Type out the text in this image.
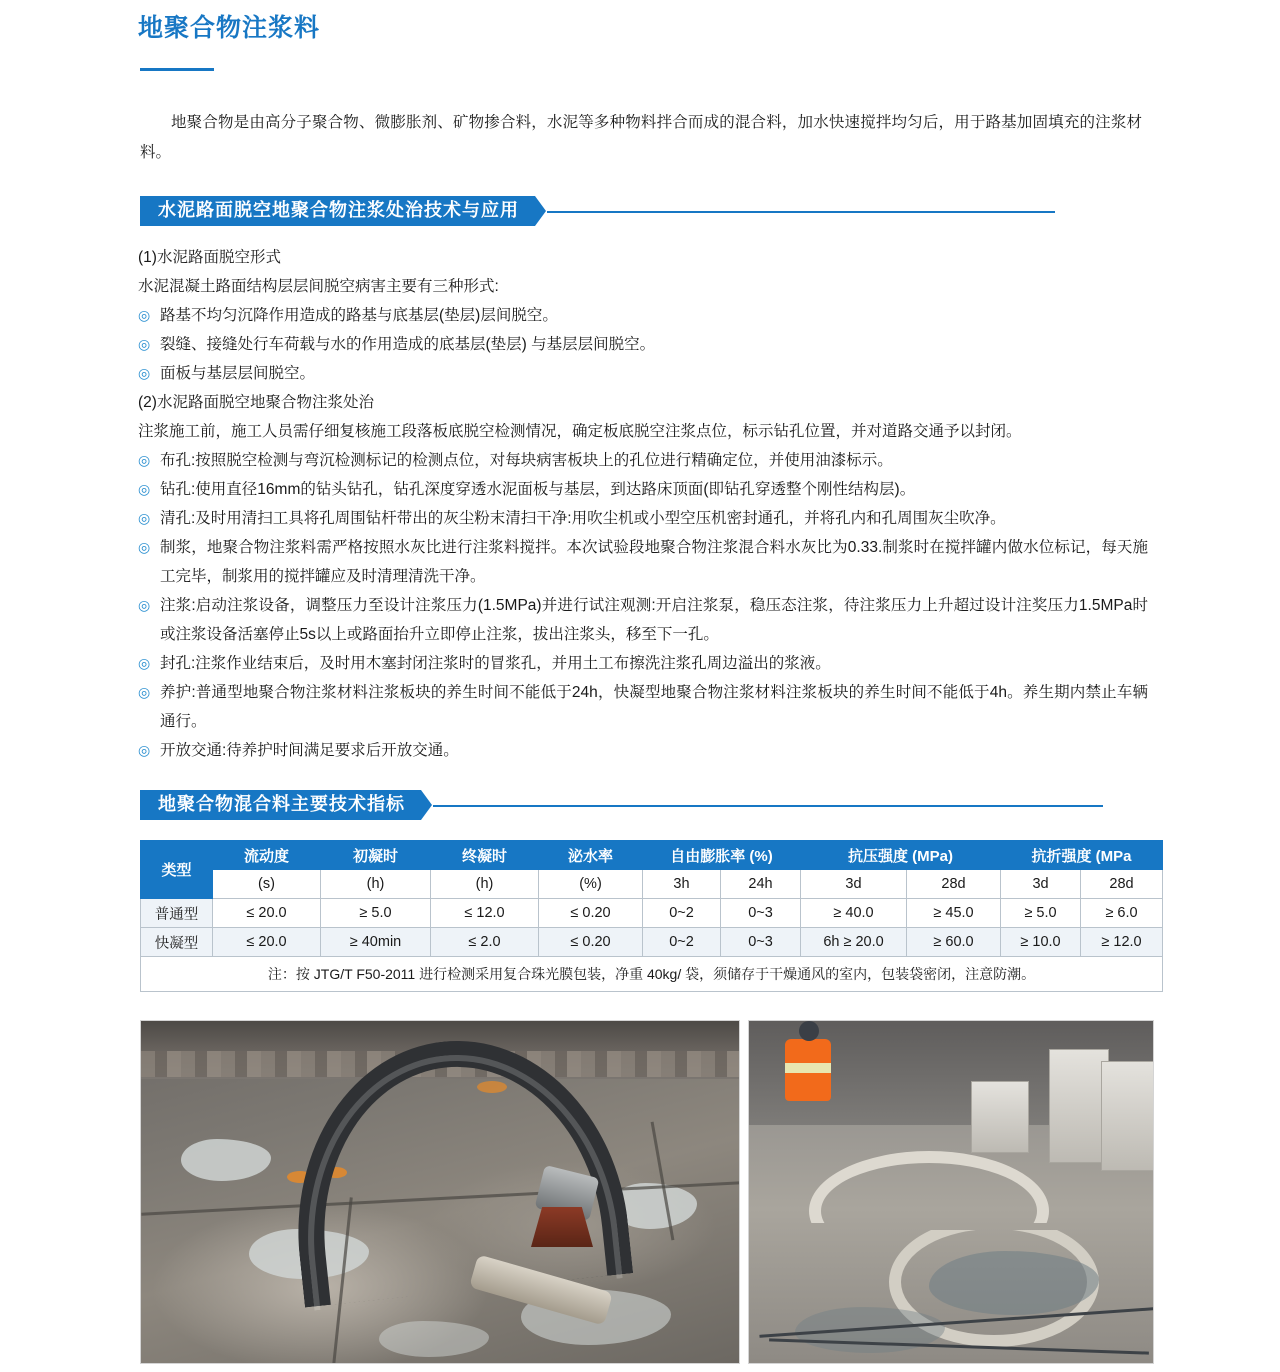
地聚合物注浆料
地聚合物是由高分子聚合物、微膨胀剂、矿物掺合料，水泥等多种物料拌合而成的混合料，加水快速搅拌均匀后，用于路基加固填充的注浆材料。
水泥路面脱空地聚合物注浆处治技术与应用
(1)水泥路面脱空形式
水泥混凝土路面结构层层间脱空病害主要有三种形式:
◎ 路基不均匀沉降作用造成的路基与底基层(垫层)层间脱空。
◎ 裂缝、接缝处行车荷载与水的作用造成的底基层(垫层) 与基层层间脱空。
◎ 面板与基层层间脱空。
(2)水泥路面脱空地聚合物注浆处治
注浆施工前，施工人员需仔细复核施工段落板底脱空检测情况，确定板底脱空注浆点位，标示钻孔位置，并对道路交通予以封闭。
◎ 布孔:按照脱空检测与弯沉检测标记的检测点位，对每块病害板块上的孔位进行精确定位，并使用油漆标示。
◎ 钻孔:使用直径16mm的钻头钻孔，钻孔深度穿透水泥面板与基层，到达路床顶面(即钻孔穿透整个刚性结构层)。
◎ 清孔:及时用清扫工具将孔周围钻杆带出的灰尘粉末清扫干净:用吹尘机或小型空压机密封通孔，并将孔内和孔周围灰尘吹净。
◎ 制浆，地聚合物注浆料需严格按照水灰比进行注浆料搅拌。本次试验段地聚合物注浆混合料水灰比为0.33.制浆时在搅拌罐内做水位标记，每天施工完毕，制浆用的搅拌罐应及时清理清洗干净。
◎ 注浆:启动注浆设备，调整压力至设计注浆压力(1.5MPa)并进行试注观测:开启注浆泵，稳压态注浆，待注浆压力上升超过设计注奖压力1.5MPa时或注浆设备活塞停止5s以上或路面抬升立即停止注浆，拔出注浆头，移至下一孔。
◎ 封孔:注浆作业结束后，及时用木塞封闭注浆时的冒浆孔，并用土工布擦洗注浆孔周边溢出的浆液。
◎ 养护:普通型地聚合物注浆材料注浆板块的养生时间不能低于24h，快凝型地聚合物注浆材料注浆板块的养生时间不能低于4h。养生期内禁止车辆通行。
◎ 开放交通:待养护时间满足要求后开放交通。
地聚合物混合料主要技术指标
类型	流动度	初凝时	终凝时	泌水率	自由膨胀率 (%)		抗压强度 (MPa)		抗折强度 (MPa	
	(s)	(h)	(h)	(%)	3h	24h	3d	28d	3d	28d
普通型	≤ 20.0	≥ 5.0	≤ 12.0	≤ 0.20	0~2	0~3	≥ 40.0	≥ 45.0	≥ 5.0	≥ 6.0
快凝型	≤ 20.0	≥ 40min	≤ 2.0	≤ 0.20	0~2	0~3	6h ≥ 20.0	≥ 60.0	≥ 10.0	≥ 12.0
注：按 JTG/T F50-2011 进行检测采用复合珠光膜包装，净重 40kg/ 袋，须储存于干燥通风的室内，包装袋密闭，注意防潮。										
